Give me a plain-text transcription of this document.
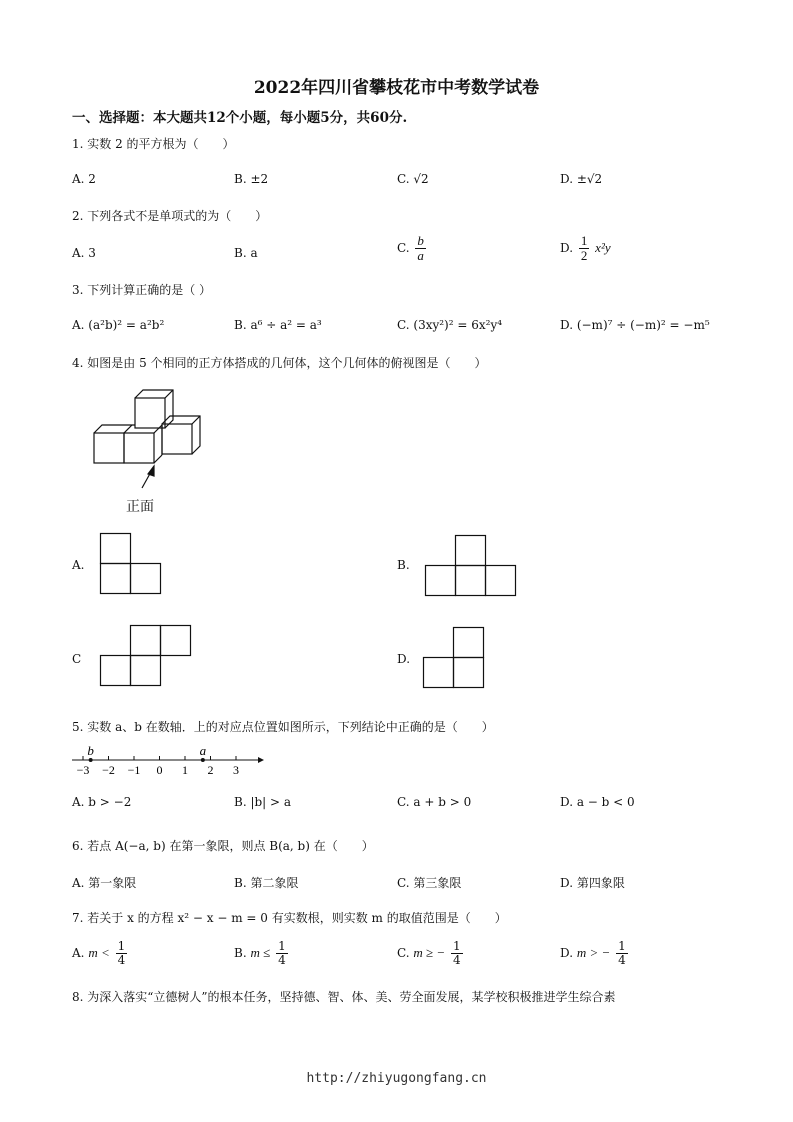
2022年四川省攀枝花市中考数学试卷
一、选择题：本大题共12个小题，每小题5分，共60分.
1. 实数 2 的平方根为（　　）
A. 2	B. ±2	C. √2	D. ±√2
2. 下列各式不是单项式的为（　　）
A. 3	B. a	C. $\frac{b}{a}$	D. $\frac{1}{2} x^2y$
3. 下列计算正确的是（ ）
A. (a²b)² = a²b²	B. a⁶ ÷ a² = a³	C. (3xy²)² = 6x²y⁴	D. (−m)⁷ ÷ (−m)² = −m⁵
4. 如图是由 5 个相同的正方体搭成的几何体，这个几何体的俯视图是（　　）
正面
A.	B.
C	D.
5. 实数 a、b 在数轴．上的对应点位置如图所示，下列结论中正确的是（　　）
−3 −2 −1 0 1 2 3
b	a
A. b > −2	B. |b| > a	C. a + b > 0	D. a − b < 0
6. 若点 A(−a, b) 在第一象限，则点 B(a, b) 在（　　）
A. 第一象限	B. 第二象限	C. 第三象限	D. 第四象限
7. 若关于 x 的方程 x² − x − m = 0 有实数根，则实数 m 的取值范围是（　　）
A. $m < \frac{1}{4}$	B. $m \le \frac{1}{4}$	C. m ≥ − $\frac{1}{4}$	D. m > − $\frac{1}{4}$
8. 为深入落实“立德树人”的根本任务，坚持德、智、体、美、劳全面发展，某学校积极推进学生综合素
http://zhiyugongfang.cn
